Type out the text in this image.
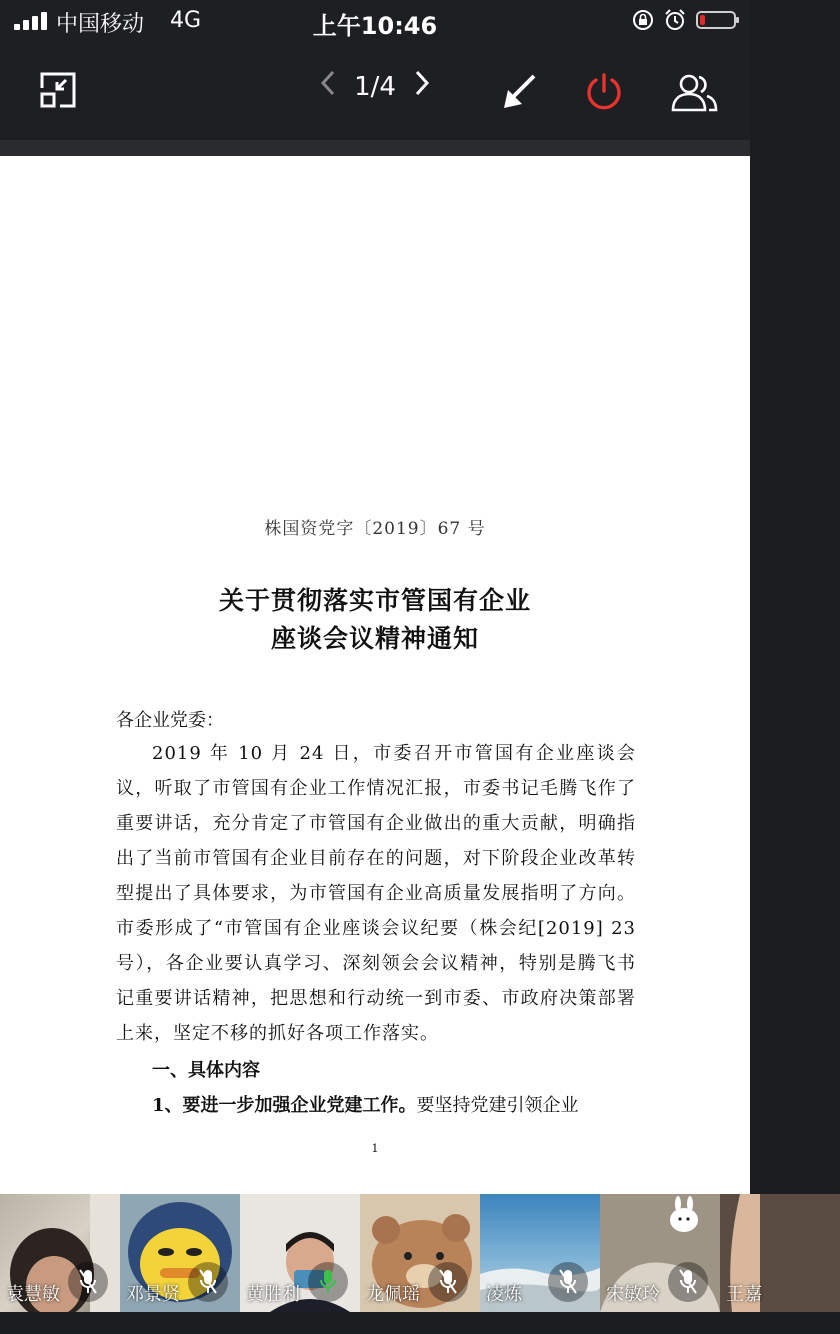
中国移动 4G	上午10:46
1/4
株国资党字〔2019〕67 号
关于贯彻落实市管国有企业
座谈会议精神通知
各企业党委：

2019 年 10 月 24 日，市委召开市管国有企业座谈会议，听取了市管国有企业工作情况汇报，市委书记毛腾飞作了重要讲话，充分肯定了市管国有企业做出的重大贡献，明确指出了当前市管国有企业目前存在的问题，对下阶段企业改革转型提出了具体要求，为市管国有企业高质量发展指明了方向。市委形成了“市管国有企业座谈会议纪要（株会纪[2019] 23 号），各企业要认真学习、深刻领会会议精神，特别是腾飞书记重要讲话精神，把思想和行动统一到市委、市政府决策部署上来，坚定不移的抓好各项工作落实。

一、具体内容
1、要进一步加强企业党建工作。要坚持党建引领企业
1
袁慧敏	邓景贤	黄胜利	龙佩瑶	凌炼	宋敏玲	王嘉
